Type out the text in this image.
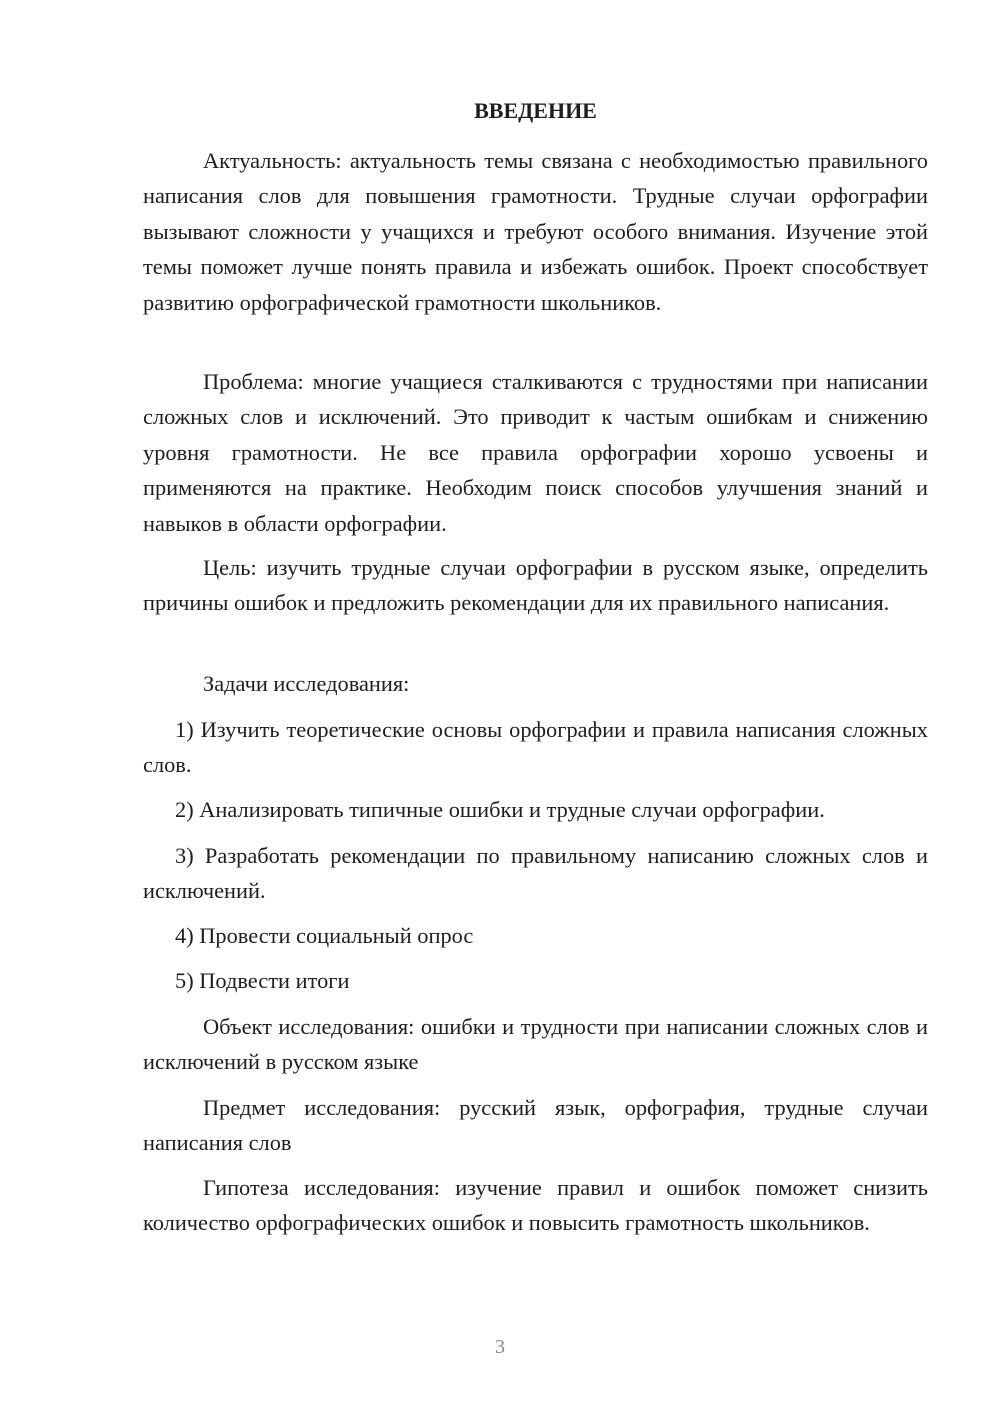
ВВЕДЕНИЕ

Актуальность: актуальность темы связана с необходимостью правильного написания слов для повышения грамотности. Трудные случаи орфографии вызывают сложности у учащихся и требуют особого внимания. Изучение этой темы поможет лучше понять правила и избежать ошибок. Проект способствует развитию орфографической грамотности школьников.

Проблема: многие учащиеся сталкиваются с трудностями при написании сложных слов и исключений. Это приводит к частым ошибкам и снижению уровня грамотности. Не все правила орфографии хорошо усвоены и применяются на практике. Необходим поиск способов улучшения знаний и навыков в области орфографии.

Цель: изучить трудные случаи орфографии в русском языке, определить причины ошибок и предложить рекомендации для их правильного написания.

Задачи исследования:

1) Изучить теоретические основы орфографии и правила написания сложных слов.

2) Анализировать типичные ошибки и трудные случаи орфографии.

3) Разработать рекомендации по правильному написанию сложных слов и исключений.

4) Провести социальный опрос

5) Подвести итоги

Объект исследования: ошибки и трудности при написании сложных слов и исключений в русском языке

Предмет исследования: русский язык, орфография, трудные случаи написания слов

Гипотеза исследования: изучение правил и ошибок поможет снизить количество орфографических ошибок и повысить грамотность школьников.

3
